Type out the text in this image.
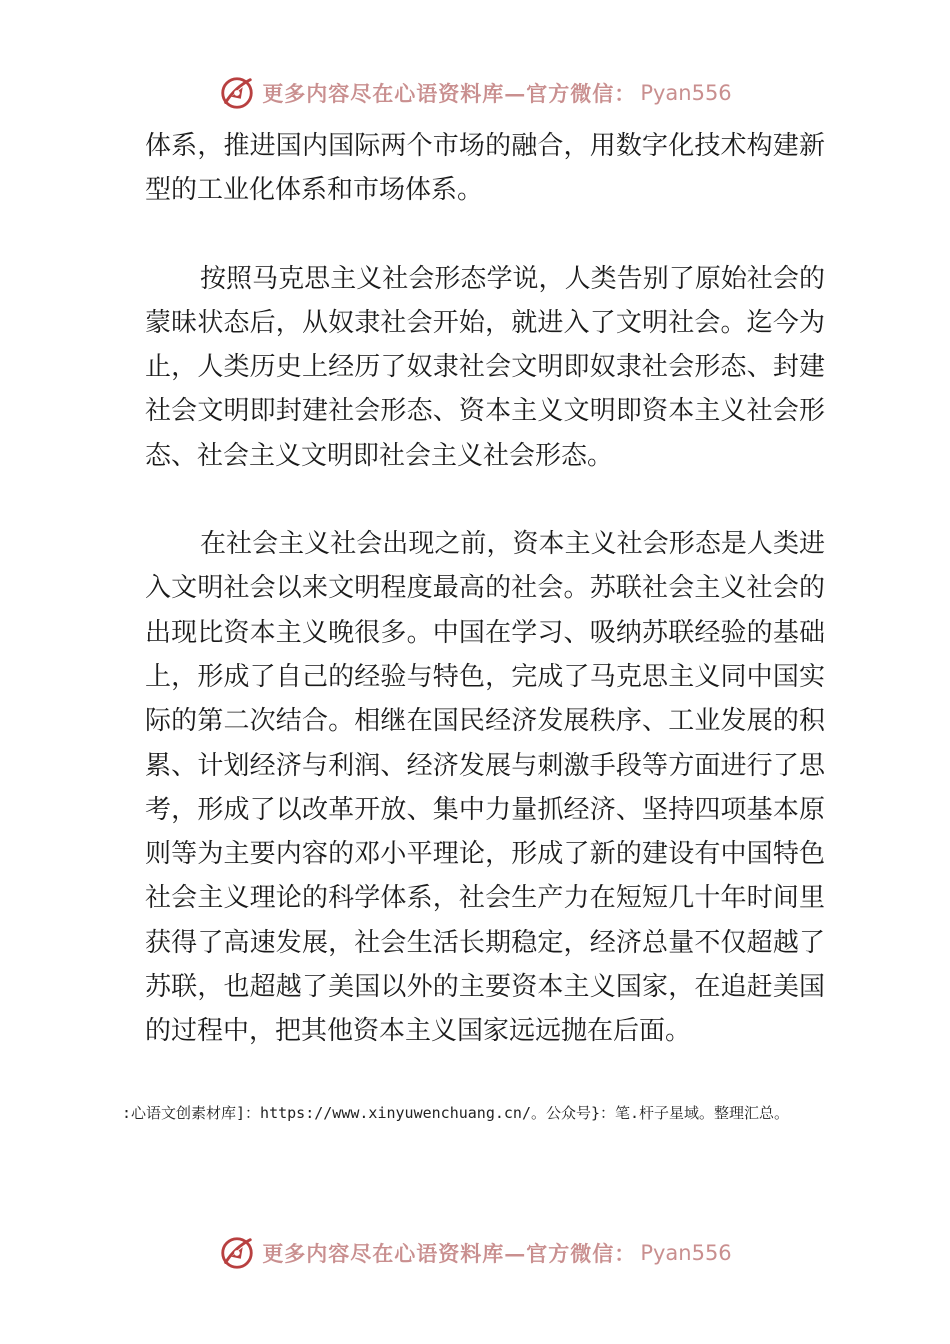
更多内容尽在心语资料库—官方微信： Pyan556

体系，推进国内国际两个市场的融合，用数字化技术构建新型的工业化体系和市场体系。

按照马克思主义社会形态学说，人类告别了原始社会的蒙昧状态后，从奴隶社会开始，就进入了文明社会。迄今为止，人类历史上经历了奴隶社会文明即奴隶社会形态、封建社会文明即封建社会形态、资本主义文明即资本主义社会形态、社会主义文明即社会主义社会形态。

在社会主义社会出现之前，资本主义社会形态是人类进入文明社会以来文明程度最高的社会。苏联社会主义社会的出现比资本主义晚很多。中国在学习、吸纳苏联经验的基础上，形成了自己的经验与特色，完成了马克思主义同中国实际的第二次结合。相继在国民经济发展秩序、工业发展的积累、计划经济与利润、经济发展与刺激手段等方面进行了思考，形成了以改革开放、集中力量抓经济、坚持四项基本原则等为主要内容的邓小平理论，形成了新的建设有中国特色社会主义理论的科学体系，社会生产力在短短几十年时间里获得了高速发展，社会生活长期稳定，经济总量不仅超越了苏联，也超越了美国以外的主要资本主义国家，在追赶美国的过程中，把其他资本主义国家远远抛在后面。

:心语文创素材库]：https://www.xinyuwenchuang.cn/。公众号}：笔.杆子星域。整理汇总。
更多内容尽在心语资料库—官方微信： Pyan556
